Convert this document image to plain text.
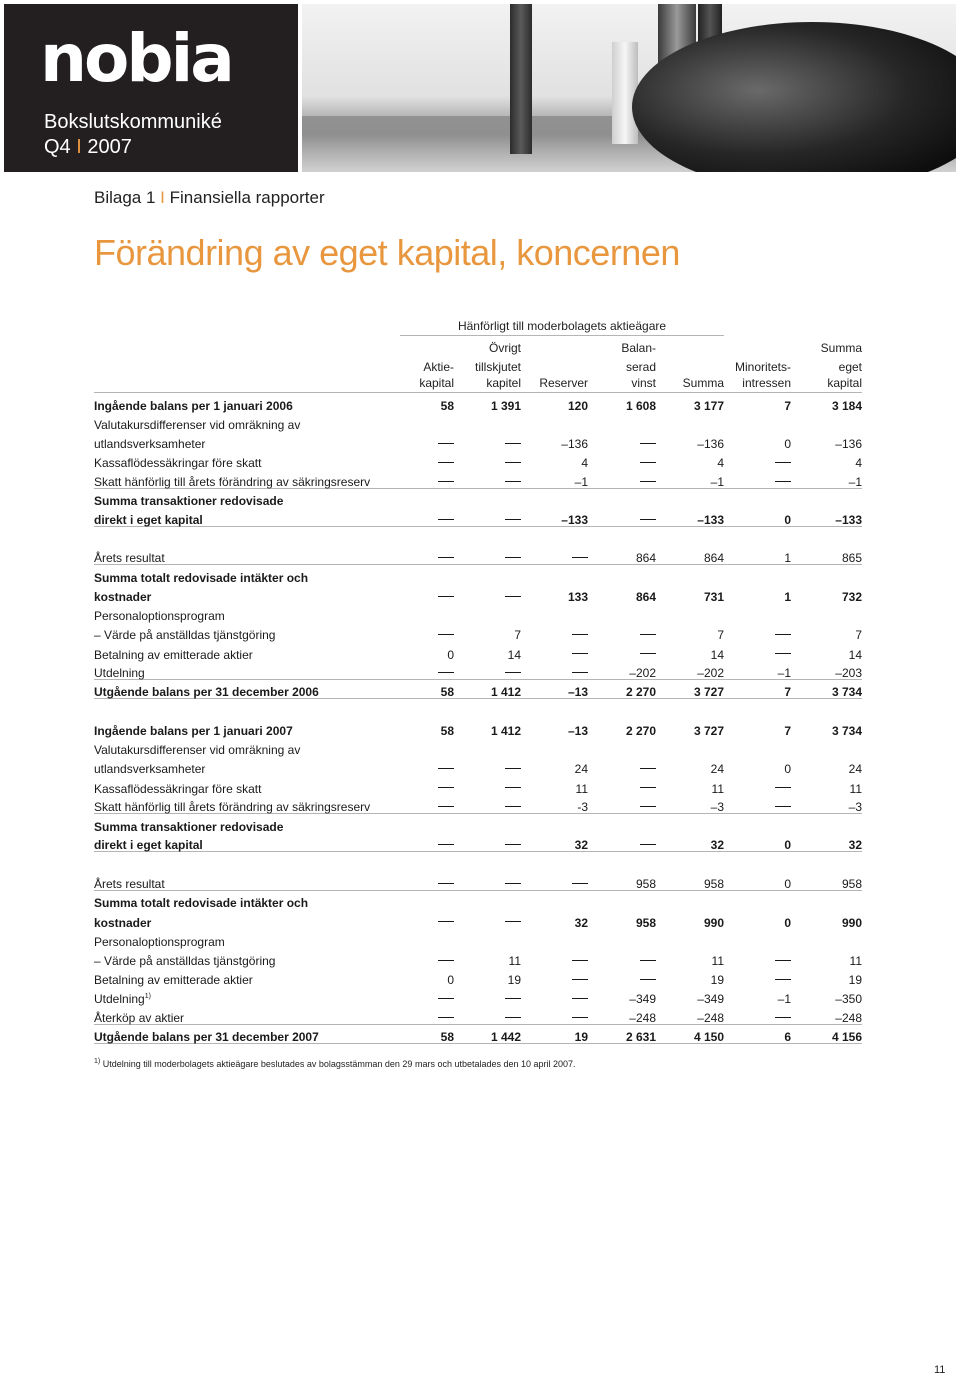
nobia
Bokslutskommuniké
Q4 I 2007
Bilaga 1 I Finansiella rapporter
Förändring av eget kapital, koncernen
	Hänförligt till moderbolagets aktieägare						
		Övrigt		Balan-			Summa
	Aktie-	tillskjutet		serad		Minoritets-	eget
	kapital	kapitel	Reserver	vinst	Summa	intressen	kapital
Ingående balans per 1 januari 2006	58	1 391	120	1 608	3 177	7	3 184
Valutakursdifferenser vid omräkning av							
utlandsverksamheter			–136		–136	0	–136
Kassaflödessäkringar före skatt			4		4		4
Skatt hänförlig till årets förändring av säkringsreserv			–1		–1		–1
Summa transaktioner redovisade							
direkt i eget kapital			–133		–133	0	–133

Årets resultat				864	864	1	865
Summa totalt redovisade intäkter och							
kostnader			133	864	731	1	732
Personaloptionsprogram							
– Värde på anställdas tjänstgöring		7			7		7
Betalning av emitterade aktier	0	14			14		14
Utdelning				–202	–202	–1	–203
Utgående balans per 31 december 2006	58	1 412	–13	2 270	3 727	7	3 734

Ingående balans per 1 januari 2007	58	1 412	–13	2 270	3 727	7	3 734
Valutakursdifferenser vid omräkning av							
utlandsverksamheter			24		24	0	24
Kassaflödessäkringar före skatt			11		11		11
Skatt hänförlig till årets förändring av säkringsreserv			-3		–3		–3
Summa transaktioner redovisade							
direkt i eget kapital			32		32	0	32

Årets resultat				958	958	0	958
Summa totalt redovisade intäkter och							
kostnader			32	958	990	0	990
Personaloptionsprogram							
– Värde på anställdas tjänstgöring		11			11		11
Betalning av emitterade aktier	0	19			19		19
Utdelning$^{1)}$				–349	–349	–1	–350
Återköp av aktier				–248	–248		–248
Utgående balans per 31 december 2007	58	1 442	19	2 631	4 150	6	4 156
$^{1)}$ Utdelning till moderbolagets aktieägare beslutades av bolagsstämman den 29 mars och utbetalades den 10 april 2007.
11
